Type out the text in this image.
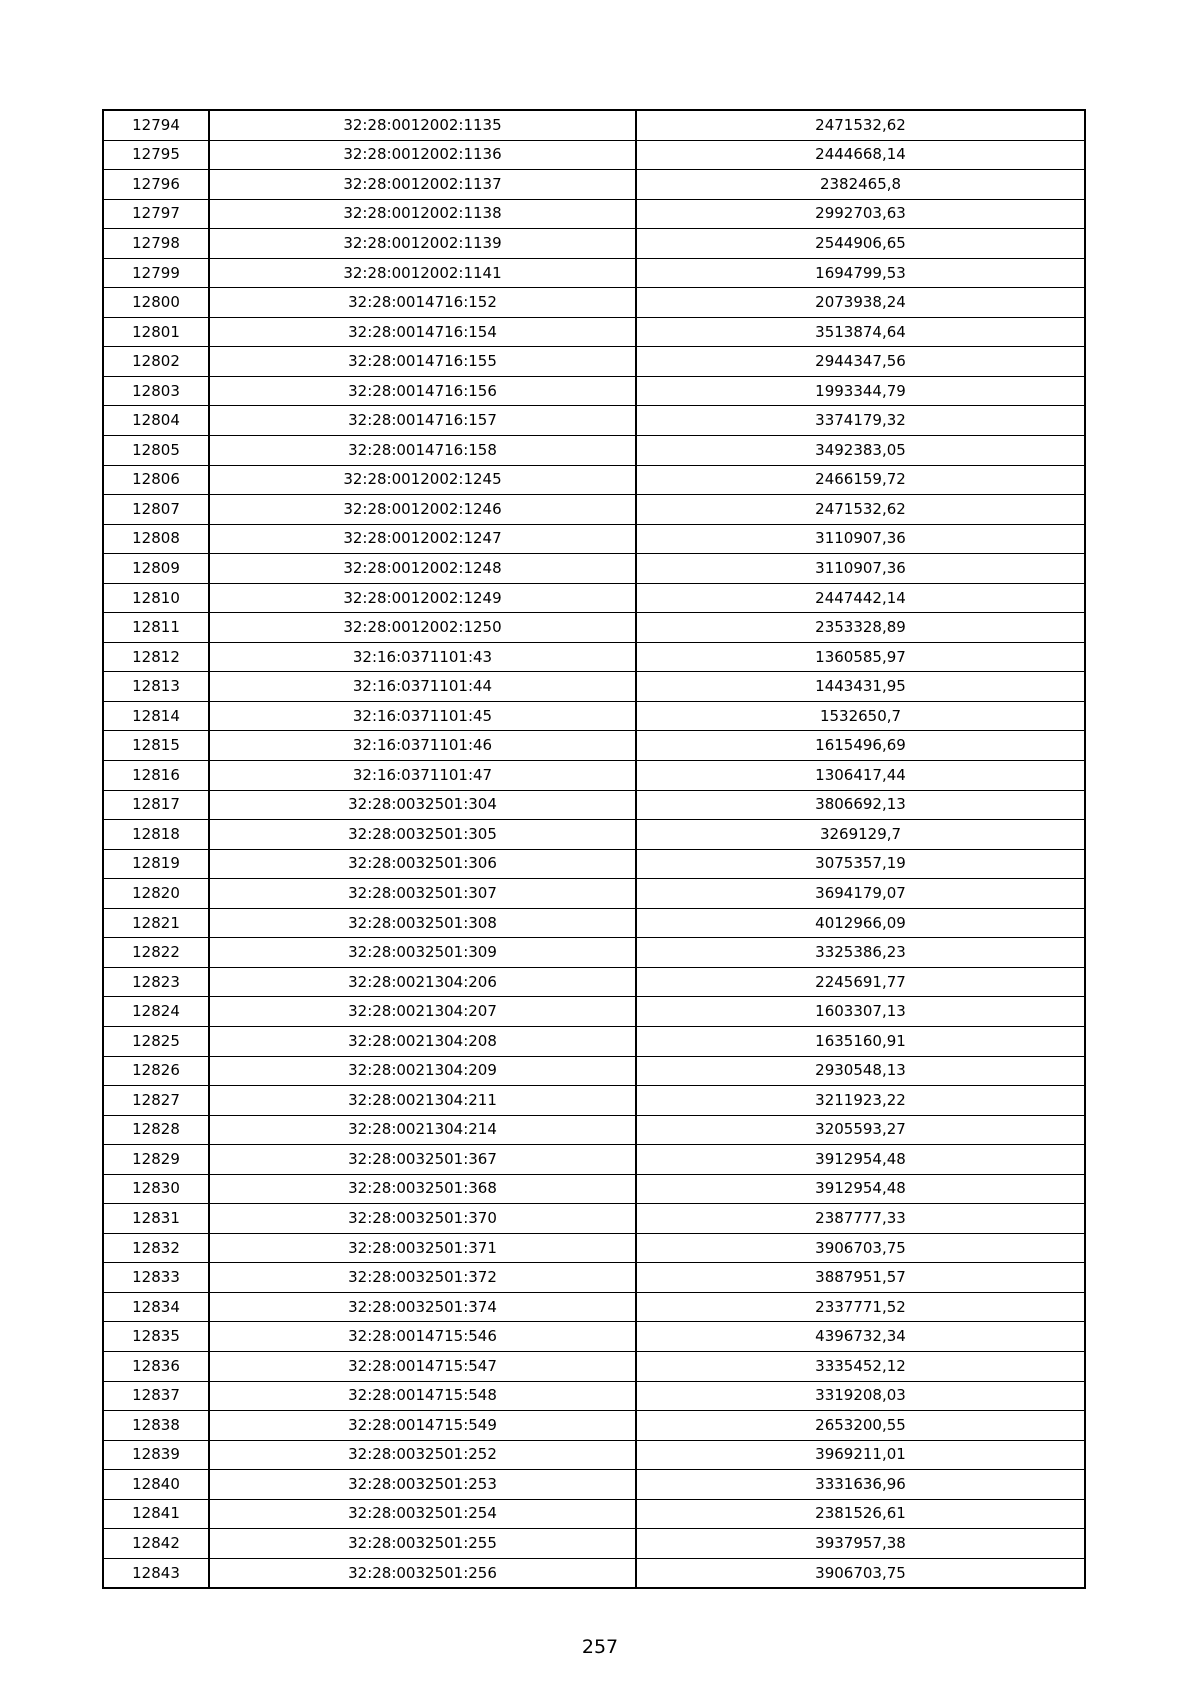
12794	32:28:0012002:1135	2471532,62
12795	32:28:0012002:1136	2444668,14
12796	32:28:0012002:1137	2382465,8
12797	32:28:0012002:1138	2992703,63
12798	32:28:0012002:1139	2544906,65
12799	32:28:0012002:1141	1694799,53
12800	32:28:0014716:152	2073938,24
12801	32:28:0014716:154	3513874,64
12802	32:28:0014716:155	2944347,56
12803	32:28:0014716:156	1993344,79
12804	32:28:0014716:157	3374179,32
12805	32:28:0014716:158	3492383,05
12806	32:28:0012002:1245	2466159,72
12807	32:28:0012002:1246	2471532,62
12808	32:28:0012002:1247	3110907,36
12809	32:28:0012002:1248	3110907,36
12810	32:28:0012002:1249	2447442,14
12811	32:28:0012002:1250	2353328,89
12812	32:16:0371101:43	1360585,97
12813	32:16:0371101:44	1443431,95
12814	32:16:0371101:45	1532650,7
12815	32:16:0371101:46	1615496,69
12816	32:16:0371101:47	1306417,44
12817	32:28:0032501:304	3806692,13
12818	32:28:0032501:305	3269129,7
12819	32:28:0032501:306	3075357,19
12820	32:28:0032501:307	3694179,07
12821	32:28:0032501:308	4012966,09
12822	32:28:0032501:309	3325386,23
12823	32:28:0021304:206	2245691,77
12824	32:28:0021304:207	1603307,13
12825	32:28:0021304:208	1635160,91
12826	32:28:0021304:209	2930548,13
12827	32:28:0021304:211	3211923,22
12828	32:28:0021304:214	3205593,27
12829	32:28:0032501:367	3912954,48
12830	32:28:0032501:368	3912954,48
12831	32:28:0032501:370	2387777,33
12832	32:28:0032501:371	3906703,75
12833	32:28:0032501:372	3887951,57
12834	32:28:0032501:374	2337771,52
12835	32:28:0014715:546	4396732,34
12836	32:28:0014715:547	3335452,12
12837	32:28:0014715:548	3319208,03
12838	32:28:0014715:549	2653200,55
12839	32:28:0032501:252	3969211,01
12840	32:28:0032501:253	3331636,96
12841	32:28:0032501:254	2381526,61
12842	32:28:0032501:255	3937957,38
12843	32:28:0032501:256	3906703,75
257
